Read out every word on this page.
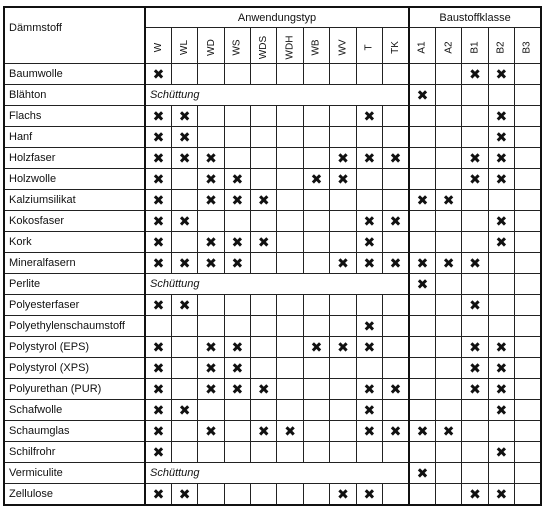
Dämmstoff	Anwendungstyp										Baustoffklasse				
	W	WL	WD	WS	WDS	WDH	WB	WV	T	TK	A1	A2	B1	B2	B3
Baumwolle	✖												✖	✖	
Blähton	Schüttung										✖				
Flachs	✖	✖							✖					✖	
Hanf	✖	✖												✖	
Holzfaser	✖	✖	✖					✖	✖	✖			✖	✖	
Holzwolle	✖		✖	✖			✖	✖					✖	✖	
Kalziumsilikat	✖		✖	✖	✖						✖	✖			
Kokosfaser	✖	✖							✖	✖				✖	
Kork	✖		✖	✖	✖				✖					✖	
Mineralfasern	✖	✖	✖	✖				✖	✖	✖	✖	✖	✖		
Perlite	Schüttung										✖				
Polyesterfaser	✖	✖											✖		
Polyethylenschaumstoff									✖						
Polystyrol (EPS)	✖		✖	✖			✖	✖	✖				✖	✖	
Polystyrol (XPS)	✖		✖	✖									✖	✖	
Polyurethan (PUR)	✖		✖	✖	✖				✖	✖			✖	✖	
Schafwolle	✖	✖							✖					✖	
Schaumglas	✖		✖		✖	✖			✖	✖	✖	✖			
Schilfrohr	✖													✖	
Vermiculite	Schüttung										✖				
Zellulose	✖	✖						✖	✖				✖	✖	
